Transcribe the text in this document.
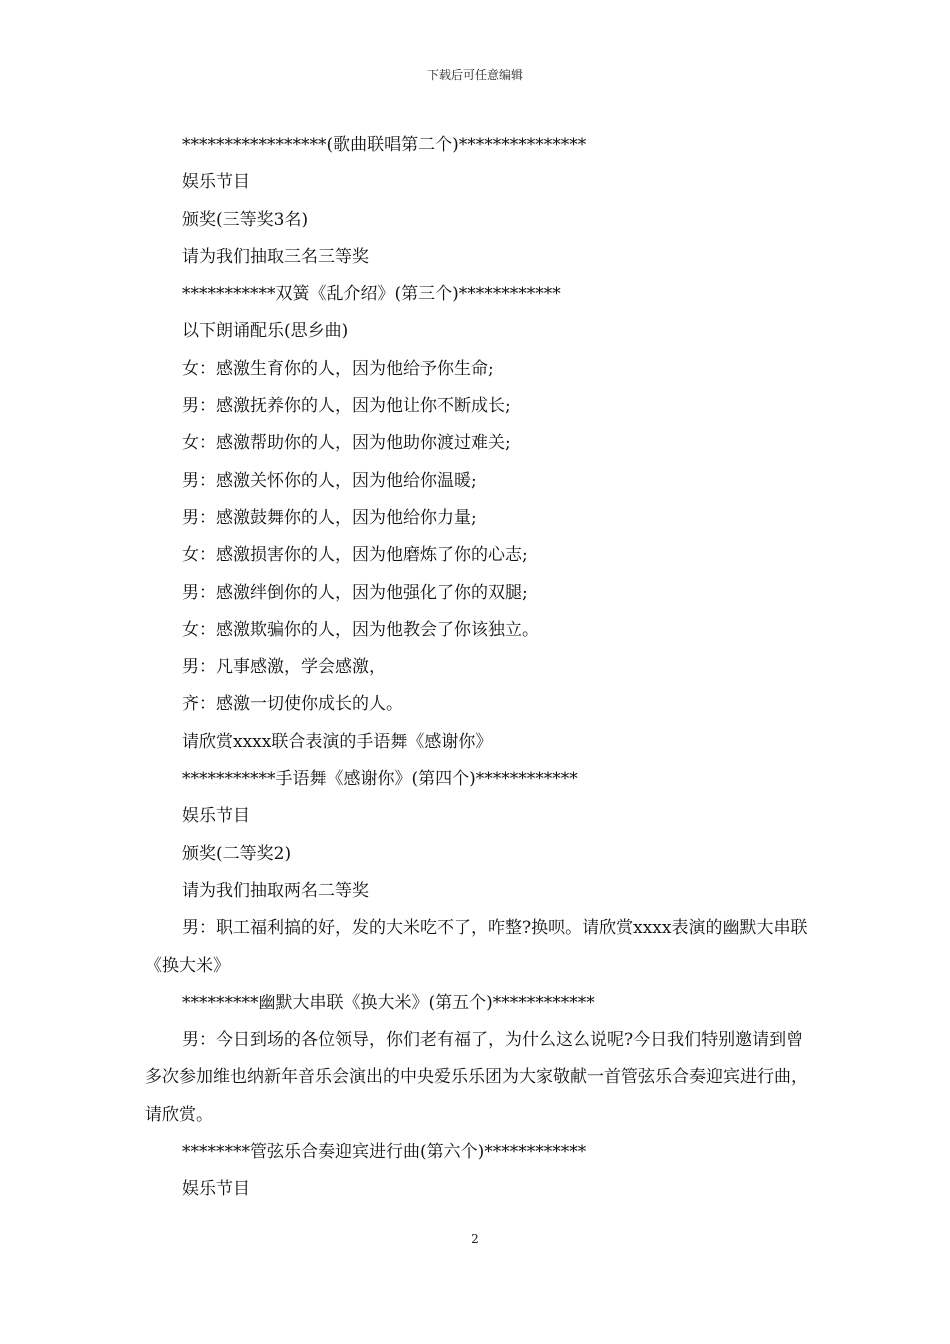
下载后可任意编辑

*****************(歌曲联唱第二个)***************

娱乐节目

颁奖(三等奖3名)

请为我们抽取三名三等奖

***********双簧《乱介绍》(第三个)************

以下朗诵配乐(思乡曲)

女：感激生育你的人，因为他给予你生命;

男：感激抚养你的人，因为他让你不断成长;

女：感激帮助你的人，因为他助你渡过难关;

男：感激关怀你的人，因为他给你温暖;

男：感激鼓舞你的人，因为他给你力量;

女：感激损害你的人，因为他磨炼了你的心志;

男：感激绊倒你的人，因为他强化了你的双腿;

女：感激欺骗你的人，因为他教会了你该独立。

男：凡事感激，学会感激，

齐：感激一切使你成长的人。

请欣赏xxxx联合表演的手语舞《感谢你》

***********手语舞《感谢你》(第四个)************

娱乐节目

颁奖(二等奖2)

请为我们抽取两名二等奖

男：职工福利搞的好，发的大米吃不了，咋整?换呗。请欣赏xxxx表演的幽默大串联《换大米》

*********幽默大串联《换大米》(第五个)************

男：今日到场的各位领导，你们老有福了，为什么这么说呢?今日我们特别邀请到曾多次参加维也纳新年音乐会演出的中央爱乐乐团为大家敬献一首管弦乐合奏迎宾进行曲，请欣赏。

********管弦乐合奏迎宾进行曲(第六个)************

娱乐节目

2
